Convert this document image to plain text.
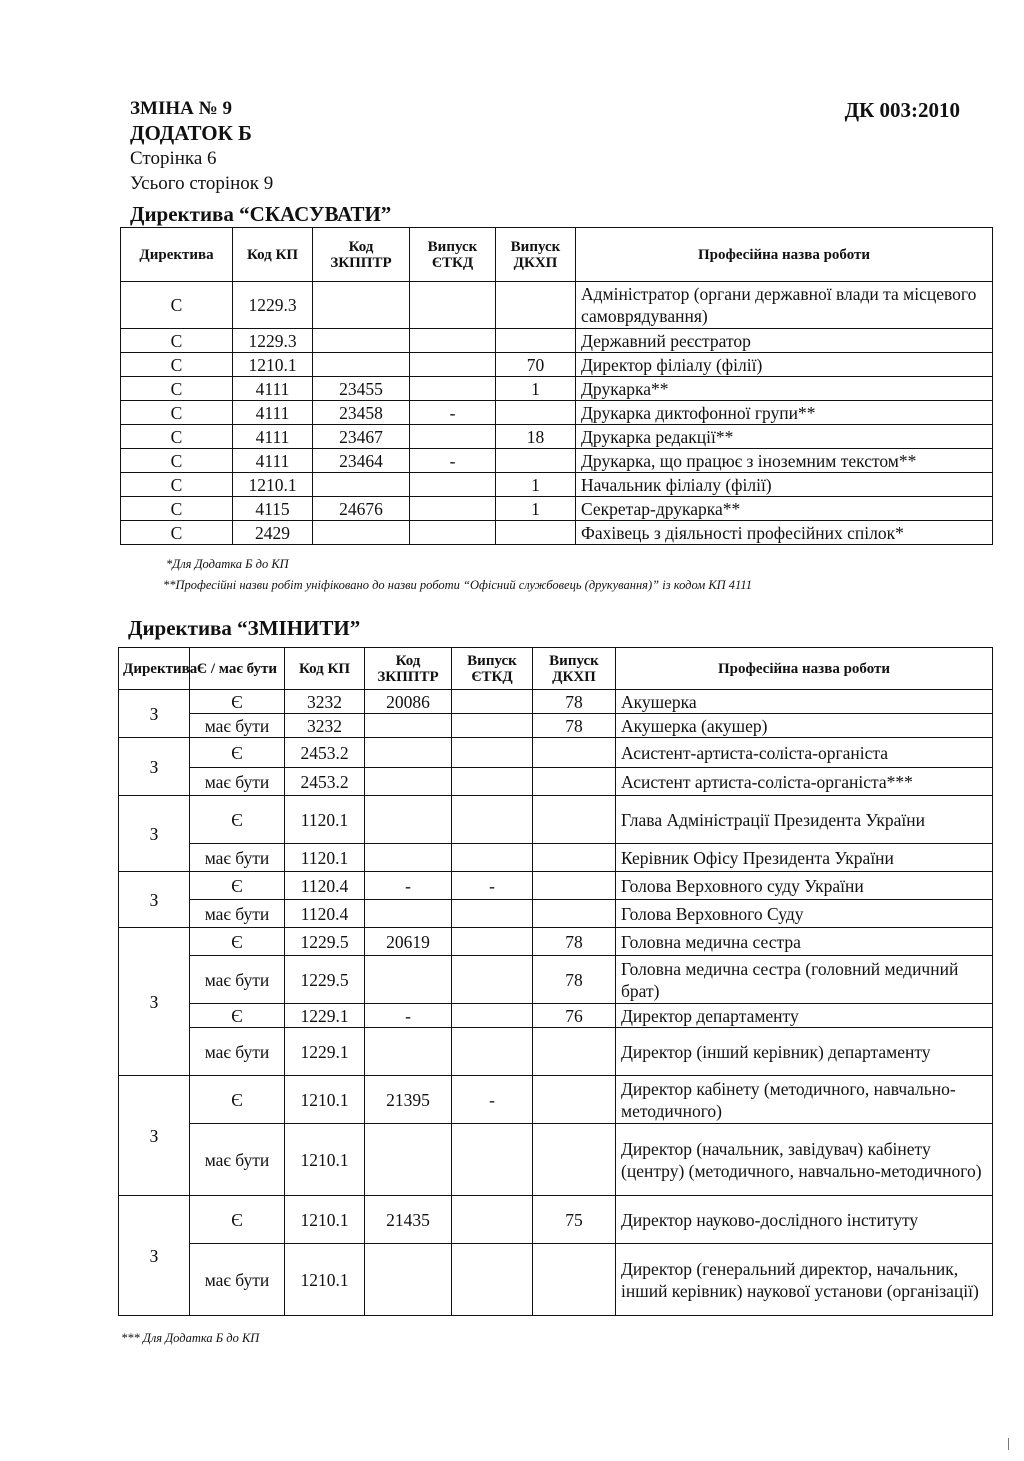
ЗМІНА № 9
ДОДАТОК Б
Сторінка 6
Усього сторінок 9
ДК 003:2010
Директива “СКАСУВАТИ”
Директива	Код КП	Код ЗКППТР	Випуск ЄТКД	Випуск ДКХП	Професійна назва роботи
С	1229.3				Адміністратор (органи державної влади та місцевого самоврядування)
С	1229.3				Державний реєстратор
С	1210.1			70	Директор філіалу (філії)
С	4111	23455		1	Друкарка**
С	4111	23458	-		Друкарка диктофонної групи**
С	4111	23467		18	Друкарка редакції**
С	4111	23464	-		Друкарка, що працює з іноземним текстом**
С	1210.1			1	Начальник філіалу (філії)
С	4115	24676		1	Секретар-друкарка**
С	2429				Фахівець з діяльності професійних спілок*
*Для Додатка Б до КП
**Професійні назви робіт уніфіковано до назви роботи “Офісний службовець (друкування)” із кодом КП 4111
Директива “ЗМІНИТИ”
Директива	Є / має бути	Код КП	Код ЗКППТР	Випуск ЄТКД	Випуск ДКХП	Професійна назва роботи
З	Є	3232	20086		78	Акушерка
	має бути	3232			78	Акушерка (акушер)
З	Є	2453.2				Асистент-артиста-соліста-органіста
	має бути	2453.2				Асистент артиста-соліста-органіста***
З	Є	1120.1				Глава Адміністрації Президента України
	має бути	1120.1				Керівник Офісу Президента України
З	Є	1120.4	-	-		Голова Верховного суду України
	має бути	1120.4				Голова Верховного Суду
З	Є	1229.5	20619		78	Головна медична сестра
	має бути	1229.5			78	Головна медична сестра (головний медичний брат)
	Є	1229.1	-		76	Директор департаменту
	має бути	1229.1				Директор (інший керівник) департаменту
З	Є	1210.1	21395	-		Директор кабінету (методичного, навчально-методичного)
	має бути	1210.1				Директор (начальник, завідувач) кабінету (центру) (методичного, навчально-методичного)
З	Є	1210.1	21435		75	Директор науково-дослідного інституту
	має бути	1210.1				Директор (генеральний директор, начальник, інший керівник) наукової установи (організації)
*** Для Додатка Б до КП
